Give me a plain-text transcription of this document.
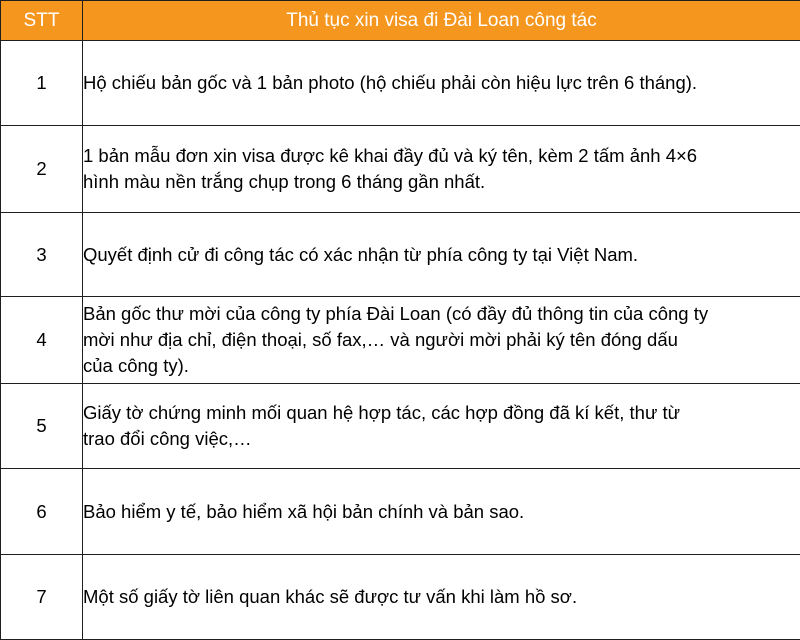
STT	Thủ tục xin visa đi Đài Loan công tác
1	Hộ chiếu bản gốc và 1 bản photo (hộ chiếu phải còn hiệu lực trên 6 tháng).

2	1 bản mẫu đơn xin visa được kê khai đầy đủ và ký tên, kèm 2 tấm ảnh 4×6
hình màu nền trắng chụp trong 6 tháng gần nhất.

3	Quyết định cử đi công tác có xác nhận từ phía công ty tại Việt Nam.

4	Bản gốc thư mời của công ty phía Đài Loan (có đầy đủ thông tin của công ty
mời như địa chỉ, điện thoại, số fax,… và người mời phải ký tên đóng dấu
của công ty).

5	Giấy tờ chứng minh mối quan hệ hợp tác, các hợp đồng đã kí kết, thư từ
trao đổi công việc,…

6	Bảo hiểm y tế, bảo hiểm xã hội bản chính và bản sao.

7	Một số giấy tờ liên quan khác sẽ được tư vấn khi làm hồ sơ.
